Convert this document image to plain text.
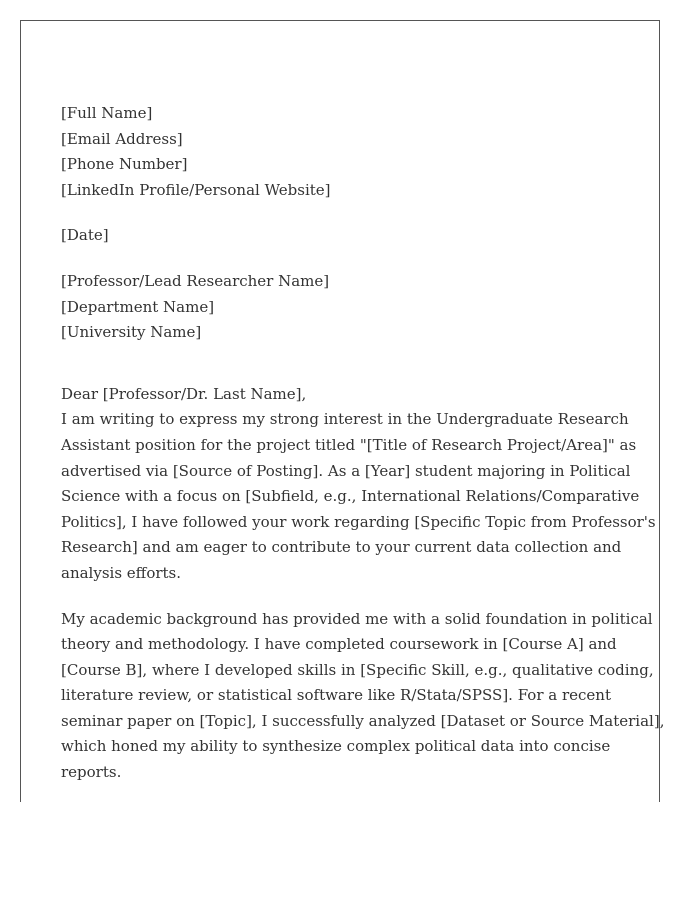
[Full Name]
[Email Address]
[Phone Number]
[LinkedIn Profile/Personal Website]
[Date]
[Professor/Lead Researcher Name]
[Department Name]
[University Name]
Dear [Professor/Dr. Last Name],

I am writing to express my strong interest in the Undergraduate Research
Assistant position for the project titled "[Title of Research Project/Area]" as
advertised via [Source of Posting]. As a [Year] student majoring in Political
Science with a focus on [Subfield, e.g., International Relations/Comparative
Politics], I have followed your work regarding [Specific Topic from Professor's
Research] and am eager to contribute to your current data collection and
analysis efforts.

My academic background has provided me with a solid foundation in political
theory and methodology. I have completed coursework in [Course A] and
[Course B], where I developed skills in [Specific Skill, e.g., qualitative coding,
literature review, or statistical software like R/Stata/SPSS]. For a recent
seminar paper on [Topic], I successfully analyzed [Dataset or Source Material],
which honed my ability to synthesize complex political data into concise
reports.
